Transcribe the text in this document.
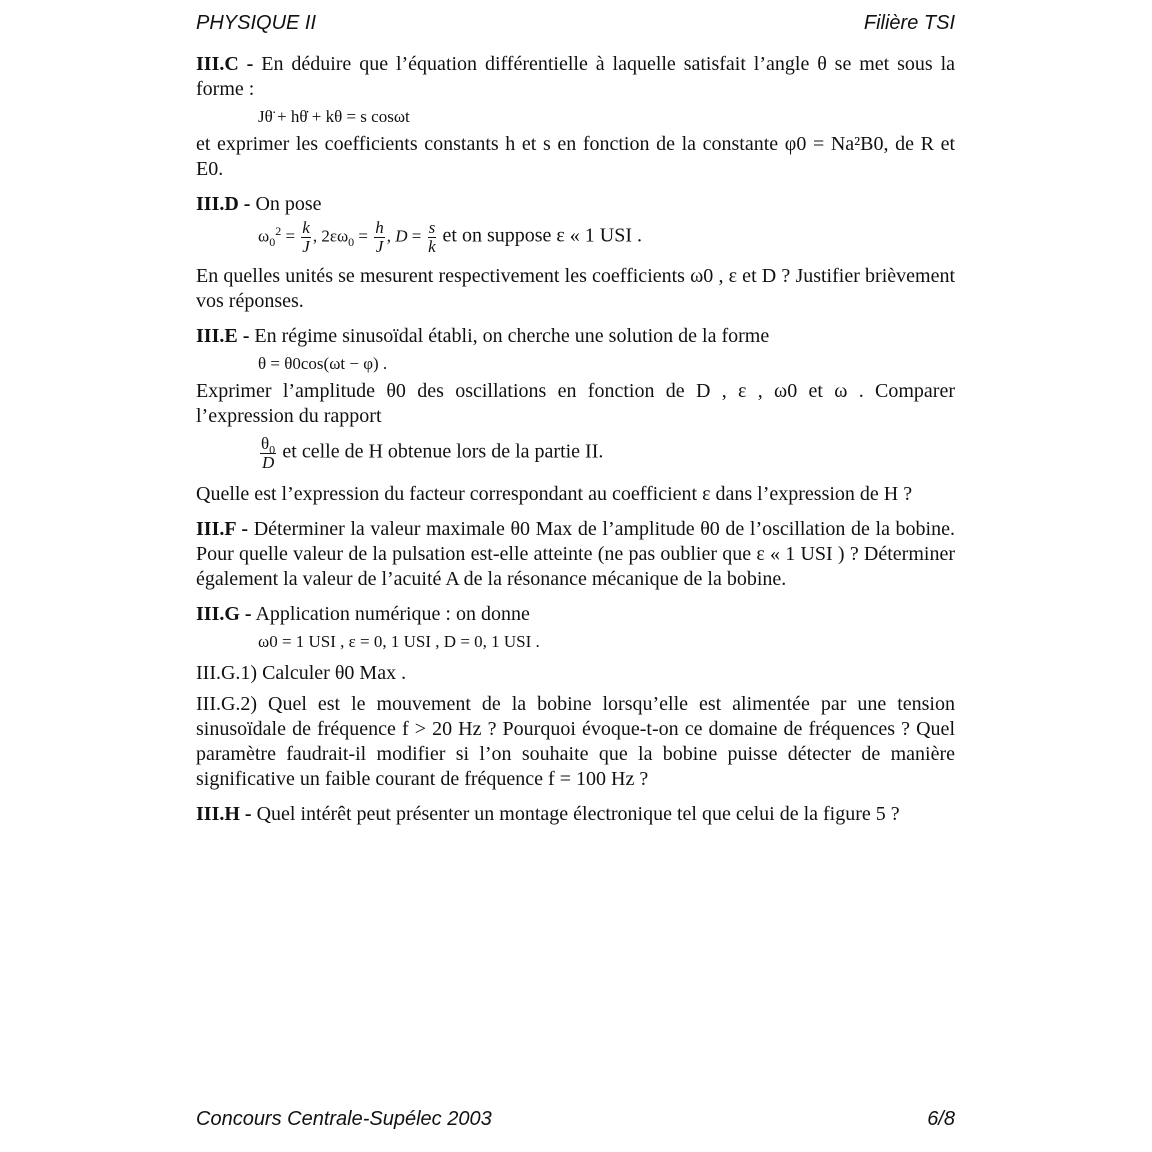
PHYSIQUE II	Filière TSI

III.C - En déduire que l’équation différentielle à laquelle satisfait l’angle θ se met sous la forme :

Jθ̈ + hθ̇ + kθ = s cosωt

et exprimer les coefficients constants h et s en fonction de la constante φ0 = Na²B0, de R et E0.

III.D - On pose

$\omega_0^2 = \frac{k}{J}$ , $2\varepsilon\omega_0 = \frac{h}{J}$ , $D = \frac{s}{k}$ et on suppose ε « 1 USI .

En quelles unités se mesurent respectivement les coefficients ω0 , ε et D ? Justifier brièvement vos réponses.

III.E - En régime sinusoïdal établi, on cherche une solution de la forme

θ = θ0cos(ωt − φ) .

Exprimer l’amplitude θ0 des oscillations en fonction de D , ε , ω0 et ω . Comparer l’expression du rapport

$\frac{\theta_0}{D}$ et celle de H obtenue lors de la partie II.

Quelle est l’expression du facteur correspondant au coefficient ε dans l’expression de H ?

III.F - Déterminer la valeur maximale θ0 Max de l’amplitude θ0 de l’oscillation de la bobine. Pour quelle valeur de la pulsation est-elle atteinte (ne pas oublier que ε « 1 USI ) ? Déterminer également la valeur de l’acuité A de la résonance mécanique de la bobine.

III.G - Application numérique : on donne

ω0 = 1 USI , ε = 0, 1 USI , D = 0, 1 USI .

III.G.1) Calculer θ0 Max .

III.G.2) Quel est le mouvement de la bobine lorsqu’elle est alimentée par une tension sinusoïdale de fréquence f > 20 Hz ? Pourquoi évoque-t-on ce domaine de fréquences ? Quel paramètre faudrait-il modifier si l’on souhaite que la bobine puisse détecter de manière significative un faible courant de fréquence f = 100 Hz ?

III.H - Quel intérêt peut présenter un montage électronique tel que celui de la figure 5 ?

Concours Centrale-Supélec 2003	6/8
